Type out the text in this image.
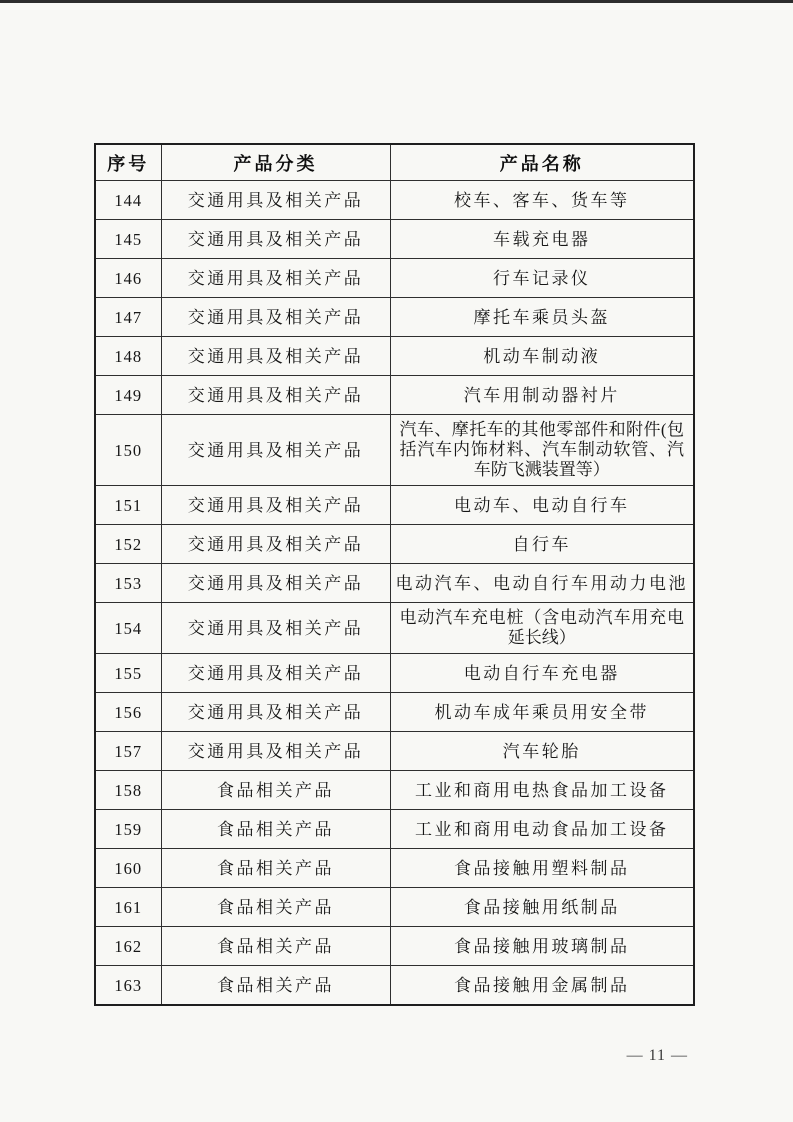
序号	产品分类	产品名称
144	交通用具及相关产品	校车、客车、货车等
145	交通用具及相关产品	车载充电器
146	交通用具及相关产品	行车记录仪
147	交通用具及相关产品	摩托车乘员头盔
148	交通用具及相关产品	机动车制动液
149	交通用具及相关产品	汽车用制动器衬片
150	交通用具及相关产品	汽车、摩托车的其他零部件和附件(包括汽车内饰材料、汽车制动软管、汽车防飞溅装置等）
151	交通用具及相关产品	电动车、电动自行车
152	交通用具及相关产品	自行车
153	交通用具及相关产品	电动汽车、电动自行车用动力电池
154	交通用具及相关产品	电动汽车充电桩（含电动汽车用充电延长线）
155	交通用具及相关产品	电动自行车充电器
156	交通用具及相关产品	机动车成年乘员用安全带
157	交通用具及相关产品	汽车轮胎
158	食品相关产品	工业和商用电热食品加工设备
159	食品相关产品	工业和商用电动食品加工设备
160	食品相关产品	食品接触用塑料制品
161	食品相关产品	食品接触用纸制品
162	食品相关产品	食品接触用玻璃制品
163	食品相关产品	食品接触用金属制品
— 11 —
